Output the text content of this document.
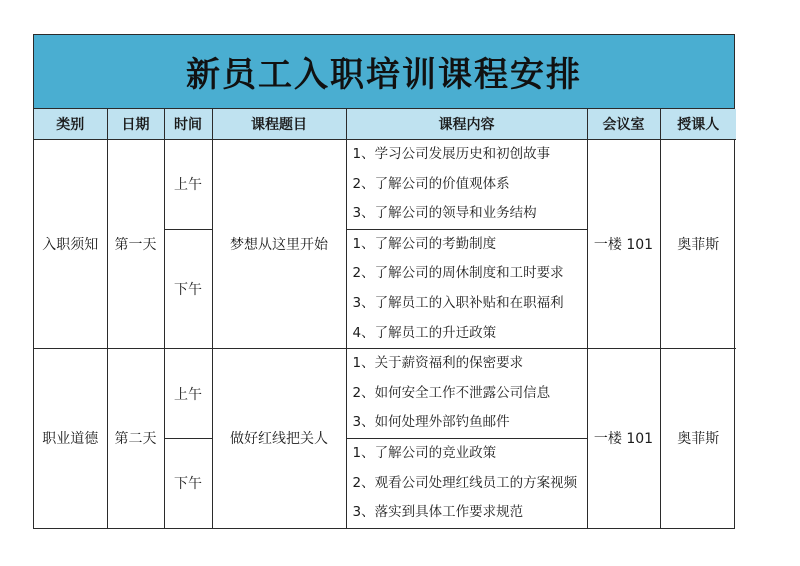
新员工入职培训课程安排
类别	日期	时间	课程题目	课程内容	会议室	授课人
入职须知	第一天	上午	梦想从这里开始	1、学习公司发展历史和初创故事
2、了解公司的价值观体系
3、了解公司的领导和业务结构	一楼 101	奥菲斯
		下午		1、了解公司的考勤制度
2、了解公司的周休制度和工时要求
3、了解员工的入职补贴和在职福利
4、了解员工的升迁政策		

职业道德	第二天	上午	做好红线把关人	1、关于薪资福利的保密要求
2、如何安全工作不泄露公司信息
3、如何处理外部钓鱼邮件	一楼 101	奥菲斯
		下午		1、了解公司的竞业政策
2、观看公司处理红线员工的方案视频
3、落实到具体工作要求规范		
